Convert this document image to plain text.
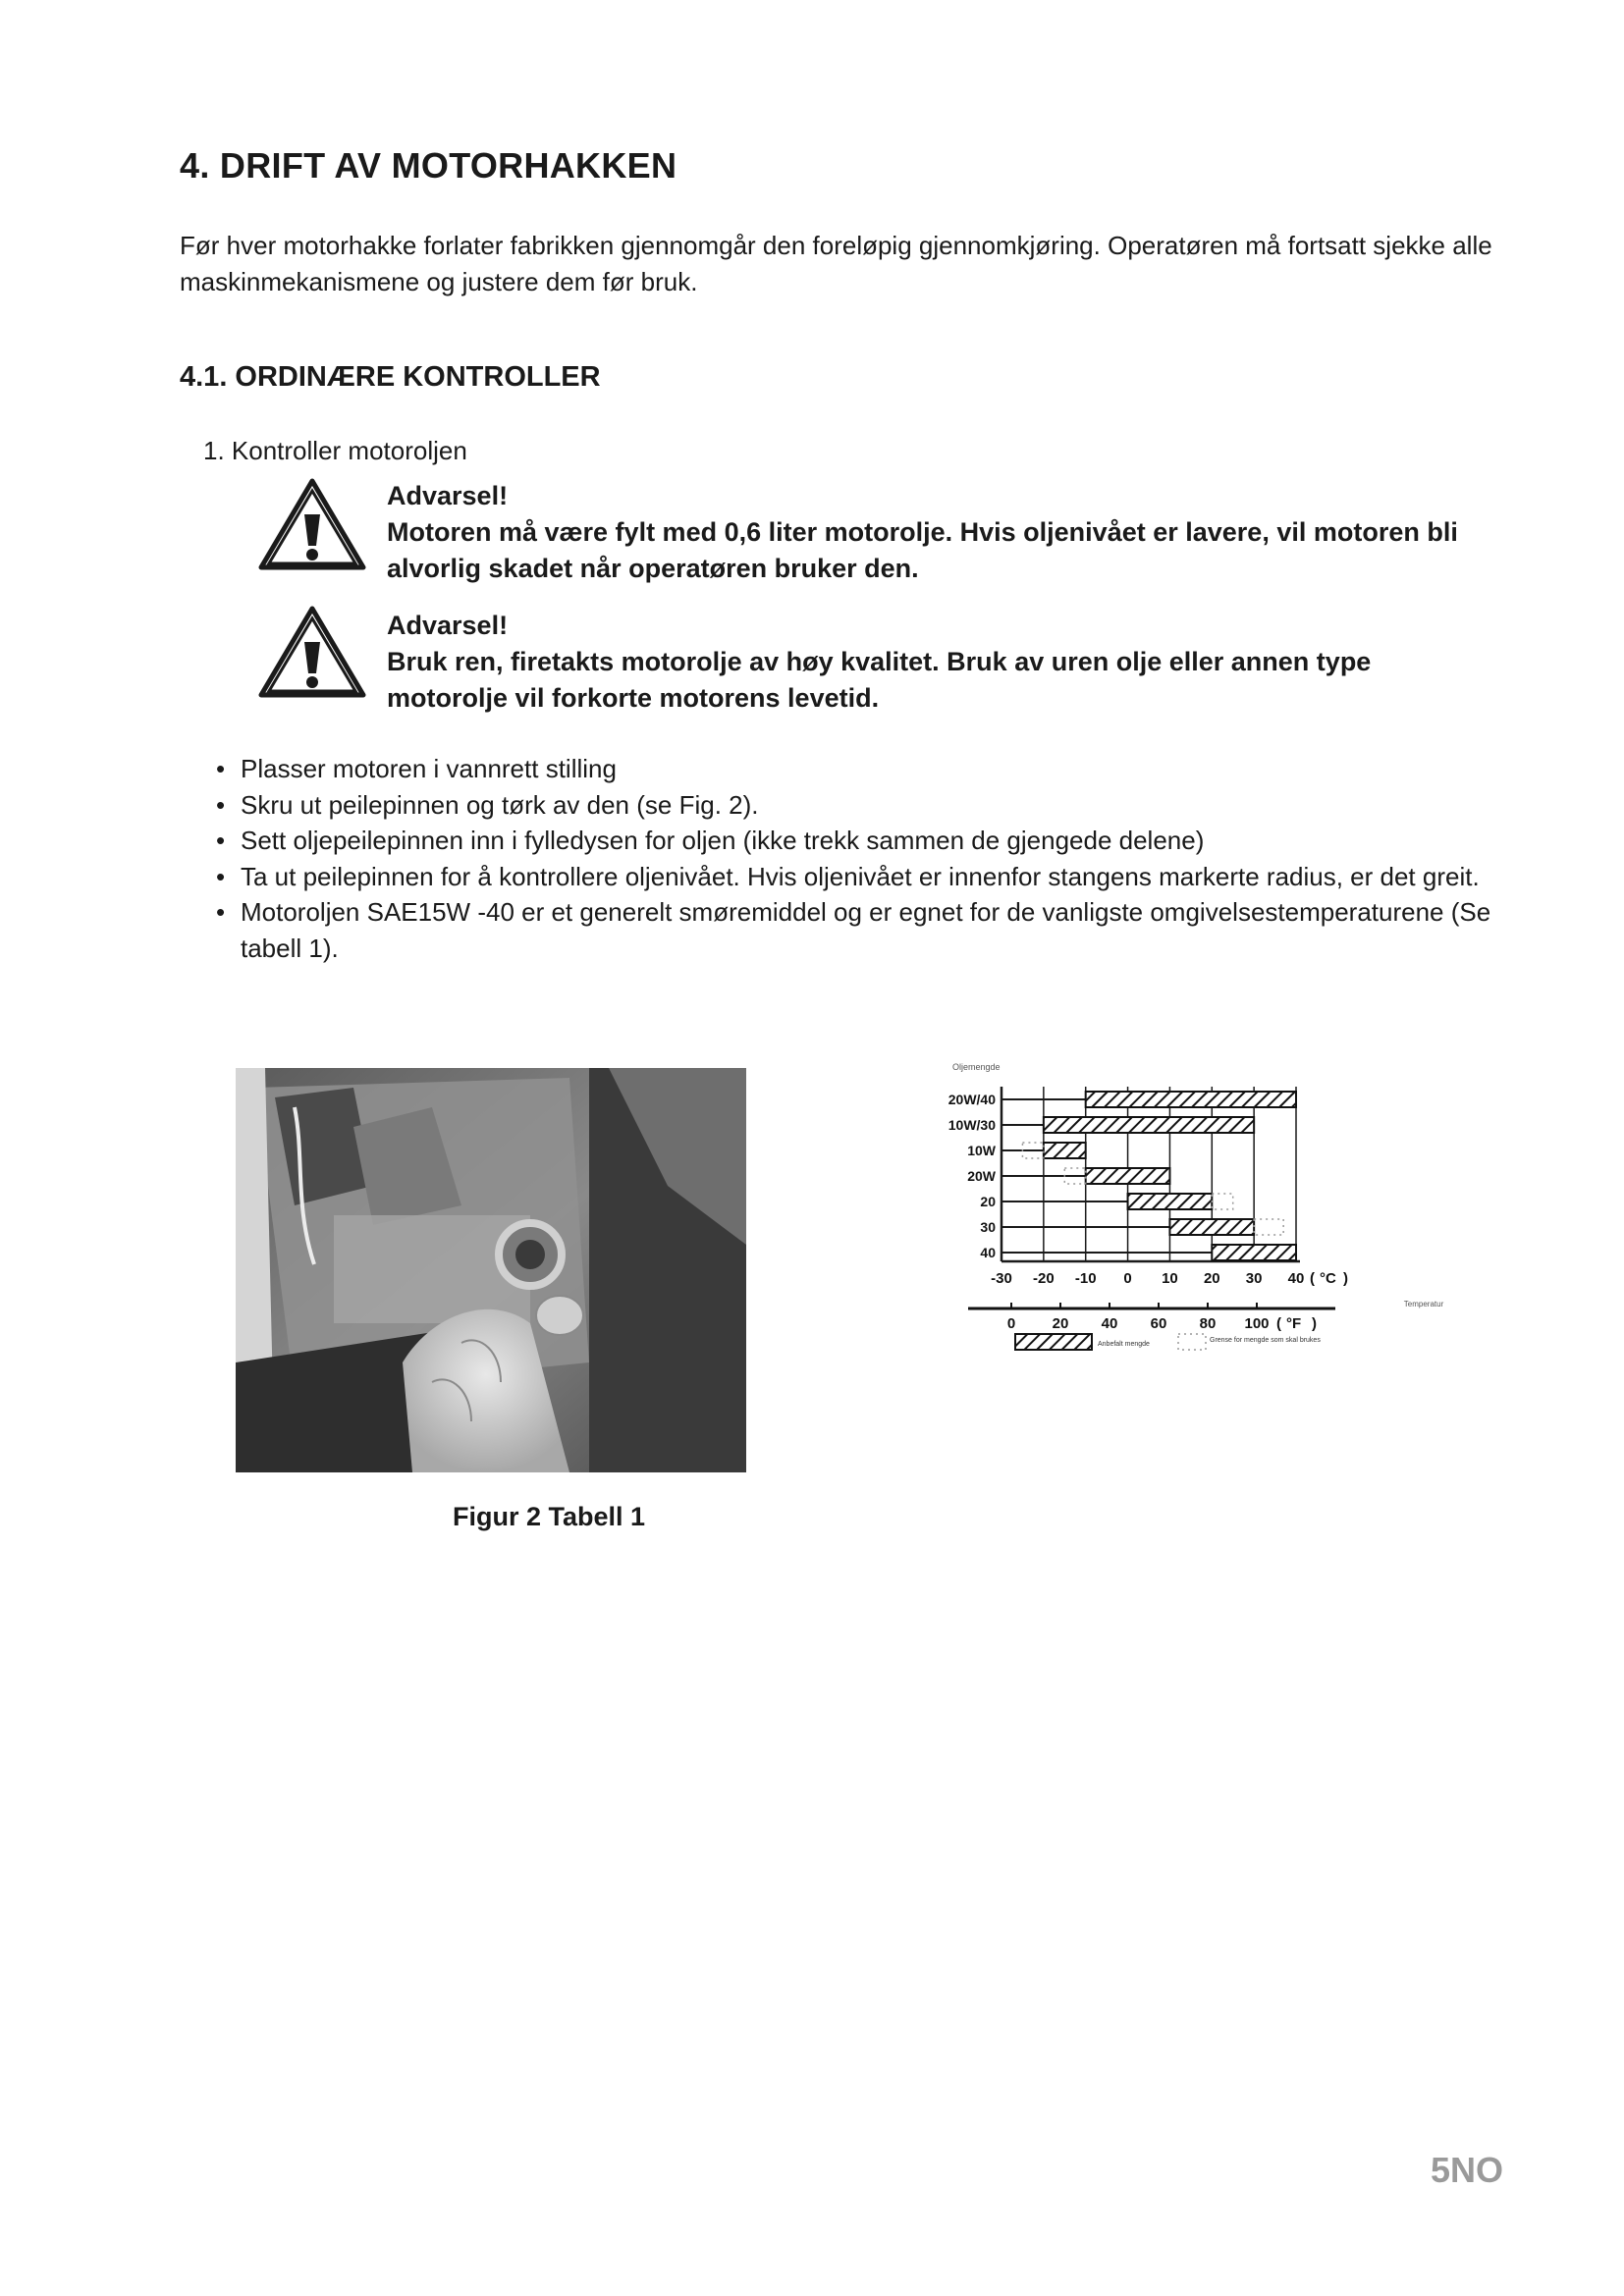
4. DRIFT AV MOTORHAKKEN

Før hver motorhakke forlater fabrikken gjennomgår den foreløpig gjennomkjøring. Operatøren må fortsatt sjekke alle maskinmekanismene og justere dem før bruk.

4.1. ORDINÆRE KONTROLLER
1. Kontroller motoroljen

Advarsel!

Motoren må være fylt med 0,6 liter motorolje. Hvis oljenivået er lavere, vil motoren bli alvorlig skadet når operatøren bruker den.

Advarsel!

Bruk ren, firetakts motorolje av høy kvalitet. Bruk av uren olje eller annen type motorolje vil forkorte motorens levetid.

• Plasser motoren i vannrett stilling
• Skru ut peilepinnen og tørk av den (se Fig. 2).
• Sett oljepeilepinnen inn i fylledysen for oljen (ikke trekk sammen de gjengede delene)
• Ta ut peilepinnen for å kontrollere oljenivået. Hvis oljenivået er innenfor stangens markerte radius, er det greit.
• Motoroljen SAE15W -40 er et generelt smøremiddel og er egnet for de vanligste omgivelsestemperaturene (Se tabell 1).
Oljemengde
20W/40
10W/30
10W
20W
20
30
40
-30 -20 -10 0 10 20 30 40 ( °C )
Temperatur
0 20 40 60 80 100 ( °F )
Anbefalt mengde
Grense for mengde som skal brukes
Figur 2 Tabell 1
5NO
